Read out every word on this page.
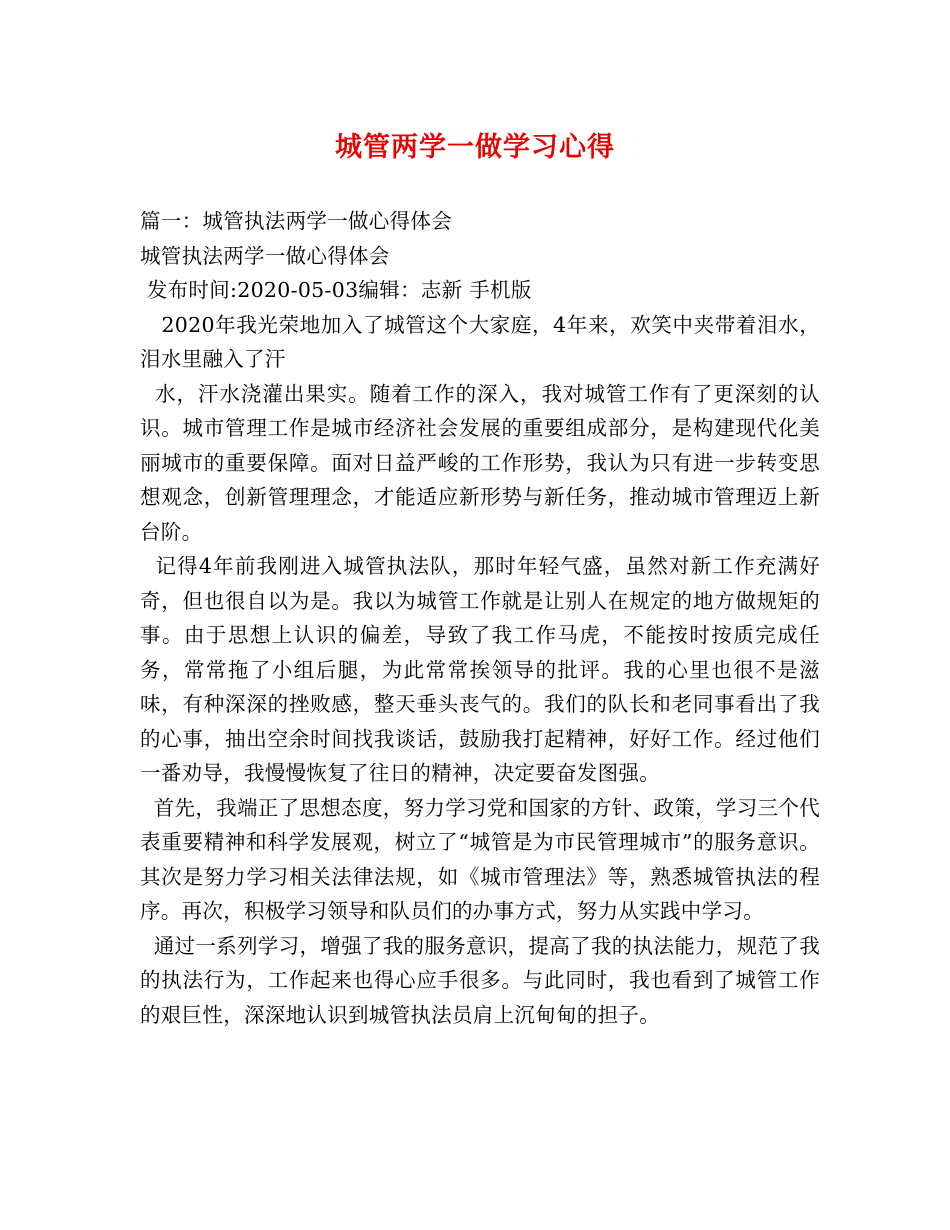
城管两学一做学习心得
篇一：城管执法两学一做心得体会
城管执法两学一做心得体会
发布时间:2020-05-03编辑：志新 手机版
2020年我光荣地加入了城管这个大家庭，4年来，欢笑中夹带着泪水，泪水里融入了汗
水，汗水浇灌出果实。随着工作的深入，我对城管工作有了更深刻的认识。城市管理工作是城市经济社会发展的重要组成部分，是构建现代化美丽城市的重要保障。面对日益严峻的工作形势，我认为只有进一步转变思想观念，创新管理理念，才能适应新形势与新任务，推动城市管理迈上新台阶。
记得4年前我刚进入城管执法队，那时年轻气盛，虽然对新工作充满好奇，但也很自以为是。我以为城管工作就是让别人在规定的地方做规矩的事。由于思想上认识的偏差，导致了我工作马虎，不能按时按质完成任务，常常拖了小组后腿，为此常常挨领导的批评。我的心里也很不是滋味，有种深深的挫败感，整天垂头丧气的。我们的队长和老同事看出了我的心事，抽出空余时间找我谈话，鼓励我打起精神，好好工作。经过他们一番劝导，我慢慢恢复了往日的精神，决定要奋发图强。
首先，我端正了思想态度，努力学习党和国家的方针、政策，学习三个代表重要精神和科学发展观，树立了“城管是为市民管理城市”的服务意识。其次是努力学习相关法律法规，如《城市管理法》等，熟悉城管执法的程序。再次，积极学习领导和队员们的办事方式，努力从实践中学习。
通过一系列学习，增强了我的服务意识，提高了我的执法能力，规范了我的执法行为，工作起来也得心应手很多。与此同时，我也看到了城管工作的艰巨性，深深地认识到城管执法员肩上沉甸甸的担子。
